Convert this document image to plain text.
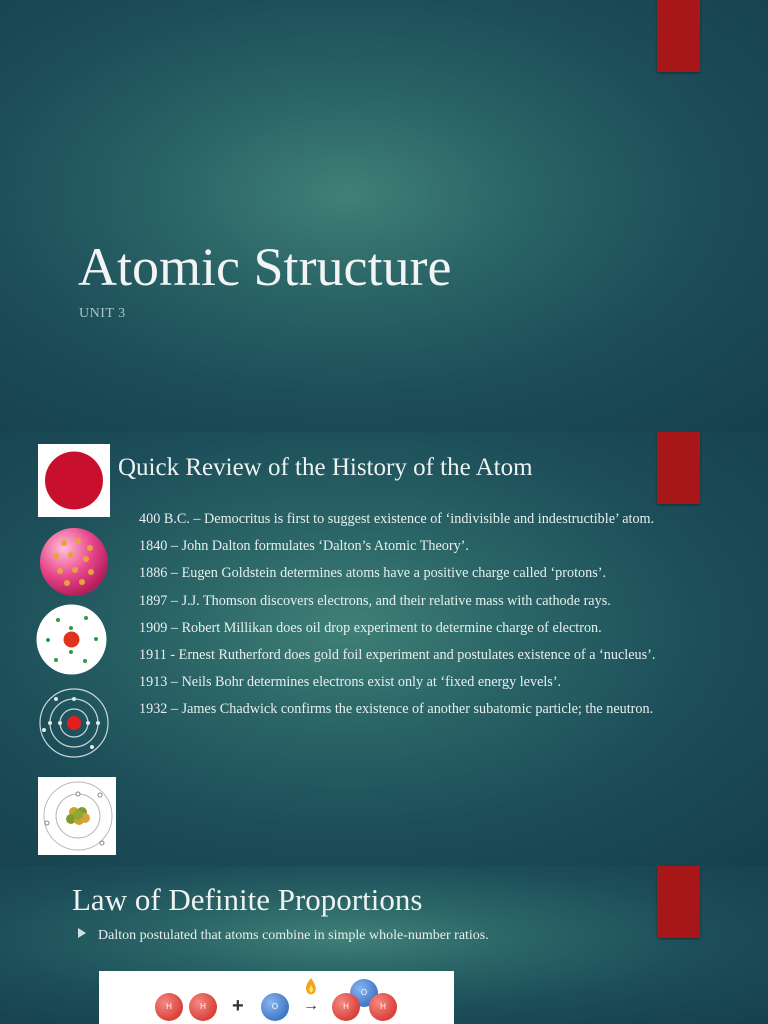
Atomic Structure
UNIT 3
Quick Review of the History of the Atom
400 B.C. – Democritus is first to suggest existence of ‘indivisible and indestructible’ atom.
1840 – John Dalton formulates ‘Dalton’s Atomic Theory’.
1886 – Eugen Goldstein determines atoms have a positive charge called ‘protons’.
1897 – J.J. Thomson discovers electrons, and their relative mass with cathode rays.
1909 – Robert Millikan does oil drop experiment to determine charge of electron.
1911 - Ernest Rutherford does gold foil experiment and postulates existence of a ‘nucleus’.
1913 – Neils Bohr determines electrons exist only at ‘fixed energy levels’.
1932 – James Chadwick confirms the existence of another subatomic particle; the neutron.
Law of Definite Proportions
Dalton postulated that atoms combine in simple whole-number ratios.
H	H	+	O	→
O
H	H
